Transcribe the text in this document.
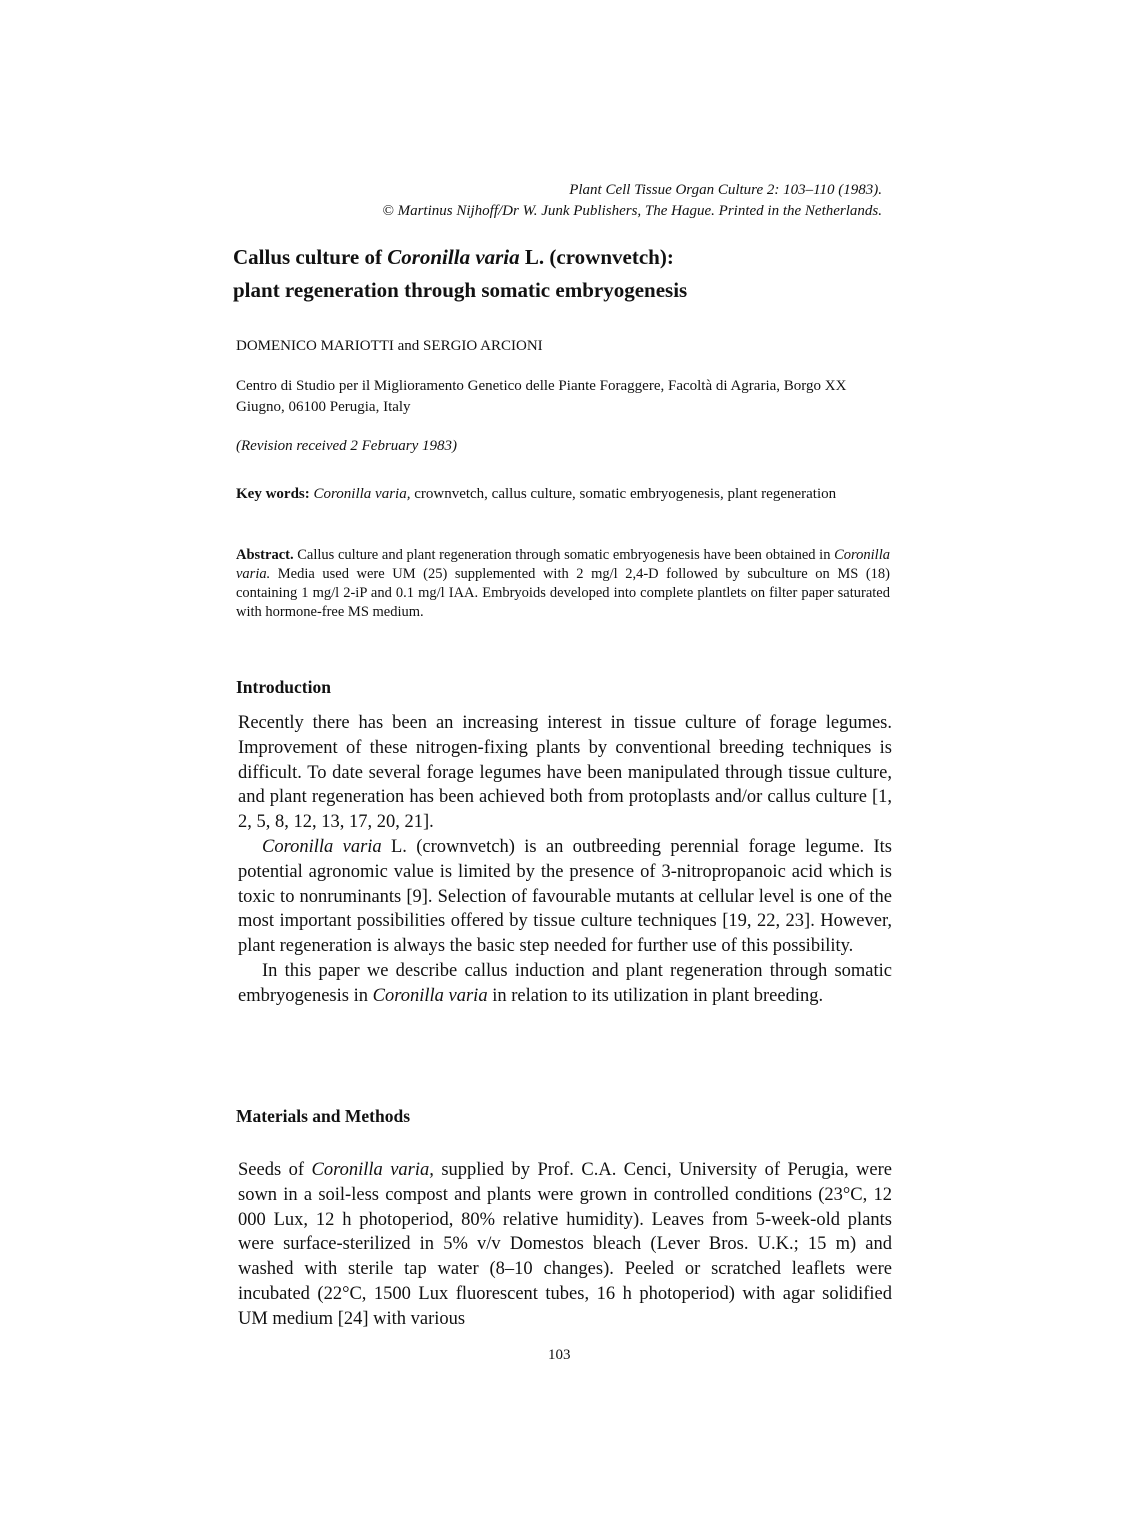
Plant Cell Tissue Organ Culture 2: 103–110 (1983).
© Martinus Nijhoff/Dr W. Junk Publishers, The Hague. Printed in the Netherlands.
Callus culture of Coronilla varia L. (crownvetch):
plant regeneration through somatic embryogenesis
DOMENICO MARIOTTI and SERGIO ARCIONI
Centro di Studio per il Miglioramento Genetico delle Piante Foraggere, Facoltà di Agraria, Borgo XX Giugno, 06100 Perugia, Italy
(Revision received 2 February 1983)
Key words: Coronilla varia, crownvetch, callus culture, somatic embryogenesis, plant regeneration
Abstract. Callus culture and plant regeneration through somatic embryogenesis have been obtained in Coronilla varia. Media used were UM (25) supplemented with 2 mg/l 2,4-D followed by subculture on MS (18) containing 1 mg/l 2-iP and 0.1 mg/l IAA. Embryoids developed into complete plantlets on filter paper saturated with hormone-free MS medium.
Introduction

Recently there has been an increasing interest in tissue culture of forage legumes. Improvement of these nitrogen-fixing plants by conventional breeding techniques is difficult. To date several forage legumes have been manipulated through tissue culture, and plant regeneration has been achieved both from protoplasts and/or callus culture [1, 2, 5, 8, 12, 13, 17, 20, 21].

Coronilla varia L. (crownvetch) is an outbreeding perennial forage legume. Its potential agronomic value is limited by the presence of 3-nitropropanoic acid which is toxic to nonruminants [9]. Selection of favourable mutants at cellular level is one of the most important possibilities offered by tissue culture techniques [19, 22, 23]. However, plant regeneration is always the basic step needed for further use of this possibility.

In this paper we describe callus induction and plant regeneration through somatic embryogenesis in Coronilla varia in relation to its utilization in plant breeding.

Materials and Methods

Seeds of Coronilla varia, supplied by Prof. C.A. Cenci, University of Perugia, were sown in a soil-less compost and plants were grown in controlled conditions (23°C, 12 000 Lux, 12 h photoperiod, 80% relative humidity). Leaves from 5-week-old plants were surface-sterilized in 5% v/v Domestos bleach (Lever Bros. U.K.; 15 m) and washed with sterile tap water (8–10 changes). Peeled or scratched leaflets were incubated (22°C, 1500 Lux fluorescent tubes, 16 h photoperiod) with agar solidified UM medium [24] with various

103
